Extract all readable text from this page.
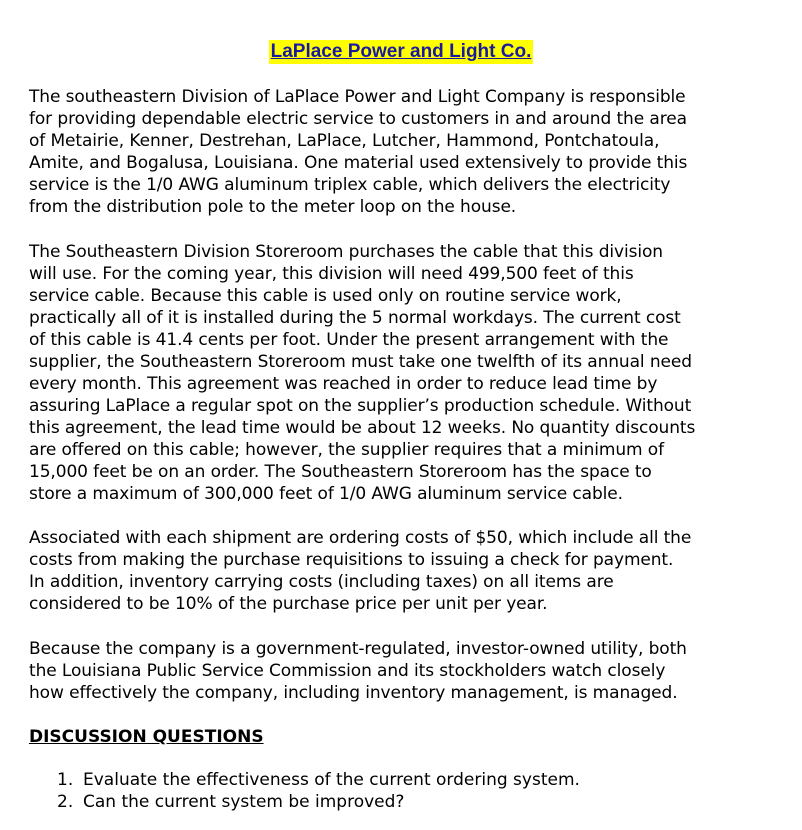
LaPlace Power and Light Co.

The southeastern Division of LaPlace Power and Light Company is responsible
for providing dependable electric service to customers in and around the area
of Metairie, Kenner, Destrehan, LaPlace, Lutcher, Hammond, Pontchatoula,
Amite, and Bogalusa, Louisiana. One material used extensively to provide this
service is the 1/0 AWG aluminum triplex cable, which delivers the electricity
from the distribution pole to the meter loop on the house.

The Southeastern Division Storeroom purchases the cable that this division
will use. For the coming year, this division will need 499,500 feet of this
service cable. Because this cable is used only on routine service work,
practically all of it is installed during the 5 normal workdays. The current cost
of this cable is 41.4 cents per foot. Under the present arrangement with the
supplier, the Southeastern Storeroom must take one twelfth of its annual need
every month. This agreement was reached in order to reduce lead time by
assuring LaPlace a regular spot on the supplier’s production schedule. Without
this agreement, the lead time would be about 12 weeks. No quantity discounts
are offered on this cable; however, the supplier requires that a minimum of
15,000 feet be on an order. The Southeastern Storeroom has the space to
store a maximum of 300,000 feet of 1/0 AWG aluminum service cable.

Associated with each shipment are ordering costs of $50, which include all the
costs from making the purchase requisitions to issuing a check for payment.
In addition, inventory carrying costs (including taxes) on all items are
considered to be 10% of the purchase price per unit per year.

Because the company is a government-regulated, investor-owned utility, both
the Louisiana Public Service Commission and its stockholders watch closely
how effectively the company, including inventory management, is managed.

DISCUSSION QUESTIONS
1. Evaluate the effectiveness of the current ordering system.
2. Can the current system be improved?
